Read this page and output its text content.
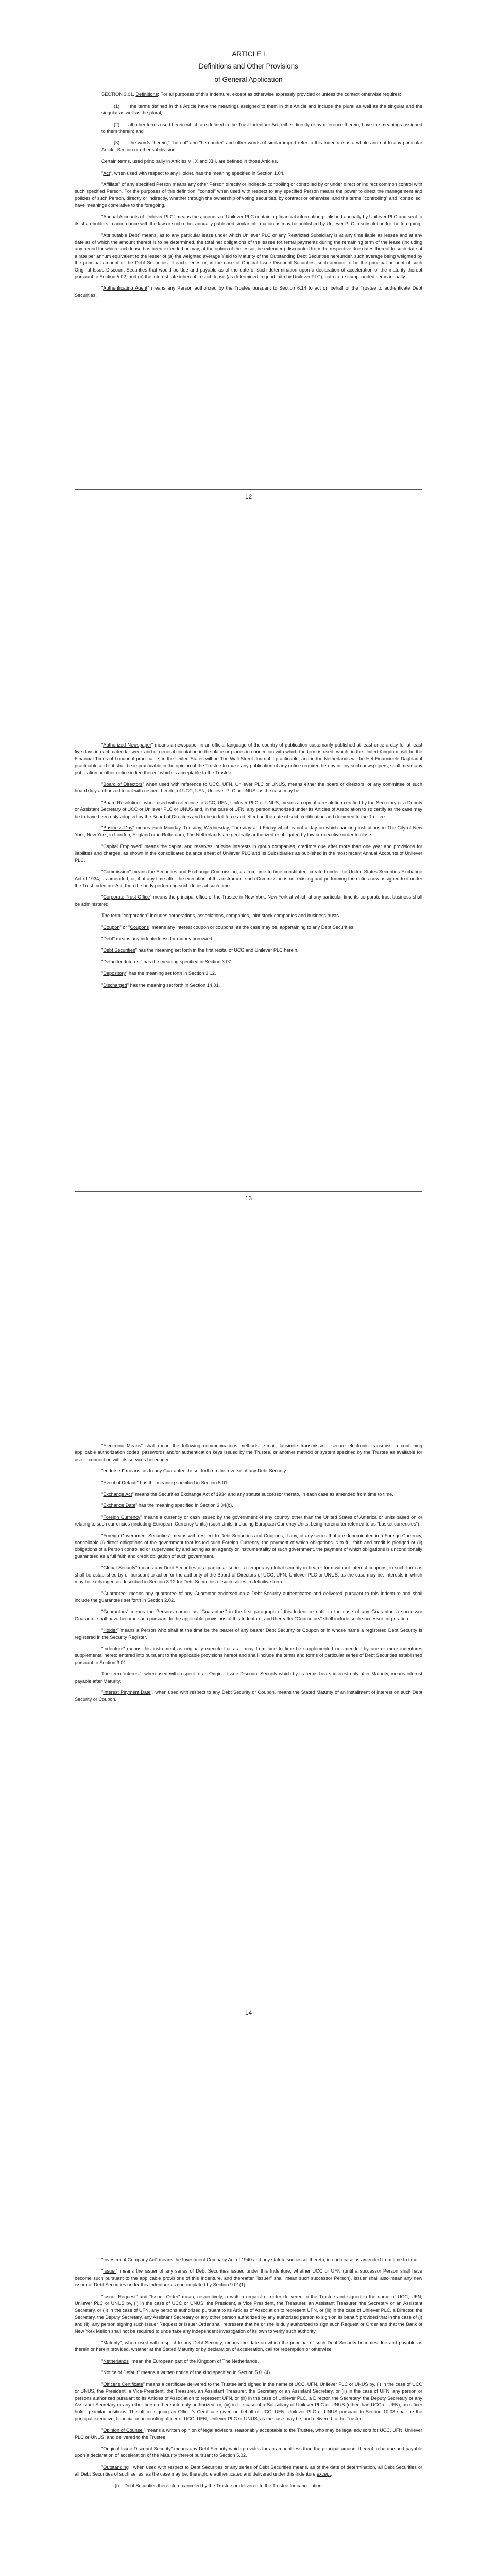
ARTICLE I

Definitions and Other Provisions

of General Application

SECTION 3.01. Definitions: For all purposes of this Indenture, except as otherwise expressly provided or unless the context otherwise requires:

(1)      the terms defined in this Article have the meanings assigned to them in this Article and include the plural as well as the singular and the singular as well as the plural;

(2)      all other terms used herein which are defined in the Trust Indenture Act, either directly or by reference therein, have the meanings assigned to them therein; and

(3)      the words "herein," "hereof" and "hereunder" and other words of similar import refer to this Indenture as a whole and not to any particular Article, Section or other subdivision.

Certain terms, used principally in Articles VI, X and XIII, are defined in those Articles.

"Act", when used with respect to any Holder, has the meaning specified in Section 1.04.

"Affiliate" of any specified Person means any other Person directly or indirectly controlling or controlled by or under direct or indirect common control with such specified Person. For the purposes of this definition, "control" when used with respect to any specified Person means the power to direct the management and policies of such Person, directly or indirectly, whether through the ownership of voting securities, by contract or otherwise; and the terms "controlling" and "controlled" have meanings correlative to the foregoing.

"Annual Accounts of Unilever PLC" means the accounts of Unilever PLC containing financial information published annually by Unilever PLC and sent to its shareholders in accordance with the law or such other annually published similar information as may be published by Unilever PLC in substitution for the foregoing.

"Attributable Debt" means, as to any particular lease under which Unilever PLC or any Restricted Subsidiary is at any time liable as lessee and at any date as of which the amount thereof is to be determined, the total net obligations of the lessee for rental payments during the remaining term of the lease (including any period for which such lease has been extended or may, at the option of the lessor, be extended) discounted from the respective due dates thereof to such date at a rate per annum equivalent to the lesser of (a) the weighted average Yield to Maturity of the Outstanding Debt Securities hereunder, such average being weighted by the principal amount of the Debt Securities of each series or, in the case of Original Issue Discount Securities, such amount to be the principal amount of such Original Issue Discount Securities that would be due and payable as of the date of such determination upon a declaration of acceleration of the maturity thereof pursuant to Section 5.02, and (b) the interest rate inherent in such lease (as determined in good faith by Unilever PLC), both to be compounded semi-annually.

"Authenticating Agent" means any Person authorized by the Trustee pursuant to Section 6.14 to act on behalf of the Trustee to authenticate Debt Securities.

12

"Authorized Newspaper" means a newspaper in an official language of the country of publication customarily published at least once a day for at least five days in each calendar week and of general circulation in the place or places in connection with which the term is used, which, in the United Kingdom, will be the Financial Times of London if practicable, in the United States will be The Wall Street Journal if practicable, and in the Netherlands will be Het Financieele Dagblad if practicable and if it shall be impracticable in the opinion of the Trustee to make any publication of any notice required hereby in any such newspapers, shall mean any publication or other notice in lieu thereof which is acceptable to the Trustee.

"Board of Directors" when used with reference to UCC, UFN, Unilever PLC or UNUS, means either the board of directors, or any committee of such board duly authorized to act with respect hereto, of UCC, UFN, Unilever PLC or UNUS, as the case may be.

"Board Resolution", when used with reference to UCC, UFN, Unilever PLC or UNUS, means a copy of a resolution certified by the Secretary or a Deputy or Assistant Secretary of UCC or Unilever PLC or UNUS and, in the case of UFN, any person authorized under its Articles of Association to so certify as the case may be to have been duly adopted by the Board of Directors and to be in full force and effect on the date of such certification and delivered to the Trustee.

"Business Day" means each Monday, Tuesday, Wednesday, Thursday and Friday which is not a day on which banking institutions in The City of New York, New York, in London, England or in Rotterdam, The Netherlands are generally authorized or obligated by law or executive order to close.

"Capital Employed" means the capital and reserves, outside interests in group companies, creditors due after more than one year and provisions for liabilities and charges, as shown in the consolidated balance sheet of Unilever PLC and its Subsidiaries as published in the most recent Annual Accounts of Unilever PLC.

"Commission" means the Securities and Exchange Commission, as from time to time constituted, created under the United States Securities Exchange Act of 1934, as amended, or, if at any time after the execution of this instrument such Commission is not existing and performing the duties now assigned to it under the Trust Indenture Act, then the body performing such duties at such time.

"Corporate Trust Office" means the principal office of the Trustee in New York, New York at which at any particular time its corporate trust business shall be administered.

The term "corporation" includes corporations, associations, companies, joint stock companies and business trusts.

"Coupon" or "Coupons" means any interest coupon or coupons, as the case may be, appertaining to any Debt Securities.

"Debt" means any indebtedness for money borrowed.

"Debt Securities" has the meaning set forth in the first recital of UCC and Unilever PLC herein.

"Defaulted Interest" has the meaning specified in Section 3.07.

"Depository" has the meaning set forth in Section 3.12.

"Discharged" has the meaning set forth in Section 14.01.

13

"Electronic Means" shall mean the following communications methods: e-mail, facsimile transmission, secure electronic transmission containing applicable authorization codes, passwords and/or authentication keys issued by the Trustee, or another method or system specified by the Trustee as available for use in connection with its services hereunder.

"endorsed" means, as to any Guarantee, to set forth on the reverse of any Debt Security.

"Event of Default" has the meaning specified in Section 5.01.

"Exchange Act" means the Securities Exchange Act of 1934 and any statute successor thereto, in each case as amended from time to time.

"Exchange Date" has the meaning specified in Section 3.04(b).

"Foreign Currency" means a currency or cash issued by the government of any country other than the United States of America or units based on or relating to such currencies (including European Currency Units) (such Units, including European Currency Units, being hereinafter referred to as "basket currencies").

"Foreign Government Securities" means with respect to Debt Securities and Coupons, if any, of any series that are denominated in a Foreign Currency, noncallable (i) direct obligations of the government that issued such Foreign Currency, the payment of which obligations is to full faith and credit is pledged or (ii) obligations of a Person controlled or supervised by and acting as an agency or instrumentality of such government, the payment of which obligations is unconditionally guaranteed as a full faith and credit obligation of such government.

"Global Security" means any Debt Securities of a particular series, a temporary global security in bearer form without interest coupons, in such form as shall be established by or pursuant to action or the authority of the Board of Directors of UCC, UFN, Unilever PLC or UNUS, as the case may be, interests in which may be exchanged as described in Section 3.12 for Debt Securities of such series in definitive form.

"Guarantee" means any guarantee of any Guarantor endorsed on a Debt Security authenticated and delivered pursuant to this Indenture and shall include the guarantees set forth in Section 2.02.

"Guarantors" means the Persons named as "Guarantors" in the first paragraph of this Indenture until, in the case of any Guarantor, a successor Guarantor shall have become such pursuant to the applicable provisions of this Indenture, and thereafter "Guarantors" shall include such successor corporation.

"Holder" means a Person who shall at the time be the bearer of any bearer Debt Security or Coupon or in whose name a registered Debt Security is registered in the Security Register.

"Indenture" means this instrument as originally executed or as it may from time to time be supplemented or amended by one or more indentures supplemental hereto entered into pursuant to the applicable provisions hereof and shall include the terms and forms of particular series of Debt Securities established pursuant to Section 3.01.

The term "interest", when used with respect to an Original Issue Discount Security which by its terms bears interest only after Maturity, means interest payable after Maturity.

"Interest Payment Date", when used with respect to any Debt Security or Coupon, means the Stated Maturity of an installment of interest on such Debt Security or Coupon.

14

"Investment Company Act" means the Investment Company Act of 1940 and any statute successor thereto, in each case as amended from time to time.

"Issuer" means the issuer of any series of Debt Securities issued under this Indenture, whether UCC or UFN (until a successor Person shall have become such pursuant to the applicable provisions of this Indenture, and thereafter "Issuer" shall mean such successor Person). Issuer shall also mean any new issuer of Debt Securities under this Indenture as contemplated by Section 9.01(1).

"Issuer Request" and "Issuer Order" mean, respectively, a written request or order delivered to the Trustee and signed in the name of UCC, UFN, Unilever PLC or UNUS by, (i) in the case of UCC or UNUS, the President, a Vice President, the Treasurer, an Assistant Treasurer, the Secretary or an Assistant Secretary, or (ii) in the case of UFN, any persons authorized pursuant to its Articles of Association to represent UFN, or (iii) in the case of Unilever PLC, a Director, the Secretary, the Deputy Secretary, any Assistant Secretary or any other person authorized by any authorized person to sign on its behalf; provided that in the case of (i) and (ii), any person signing such Issuer Request or Issuer Order shall represent that he or she is duly authorized to sign such Request or Order and that the Bank of New York Mellon shall not be required to undertake any independent investigation of its own to verify such authority.

"Maturity", when used with respect to any Debt Security, means the date on which the principal of such Debt Security becomes due and payable as therein or herein provided, whether at the Stated Maturity or by declaration of acceleration, call for redemption or otherwise.

"Netherlands" mean the European part of the Kingdom of The Netherlands.

"Notice of Default" means a written notice of the kind specified in Section 5.01(4).

"Officer's Certificate" means a certificate delivered to the Trustee and signed in the name of UCC, UFN, Unilever PLC or UNUS by, (i) in the case of UCC or UNUS, the President, a Vice-President, the Treasurer, an Assistant Treasurer, the Secretary or an Assistant Secretary, or (ii) in the case of UFN, any person or persons authorized pursuant to its Articles of Association to represent UFN, or (iii) in the case of Unilever PLC, a Director, the Secretary, the Deputy Secretary or any Assistant Secretary or any other person thereunto duly authorized, or, (iv) in the case of a Subsidiary of Unilever PLC or UNUS (other than UCC or UFN), an officer holding similar positions. The officer signing an Officer's Certificate given on behalf of UCC, UFN, Unilever PLC or UNUS pursuant to Section 10.08 shall be the principal executive, financial or accounting officer of UCC, UFN, Unilever PLC or UNUS, as the case may be, and delivered to the Trustee.

"Opinion of Counsel" means a written opinion of legal advisors, reasonably acceptable to the Trustee, who may be legal advisors for UCC, UFN, Unilever PLC or UNUS, and delivered to the Trustee.

"Original Issue Discount Security" means any Debt Security which provides for an amount less than the principal amount thereof to be due and payable upon a declaration of acceleration of the Maturity thereof pursuant to Section 5.02.

"Outstanding", when used with respect to Debt Securities or any series of Debt Securities means, as of the date of determination, all Debt Securities or all Debt Securities of such series, as the case may be, theretofore authenticated and delivered under this Indenture except:

(i)    Debt Securities theretofore canceled by the Trustee or delivered to the Trustee for cancellation;
